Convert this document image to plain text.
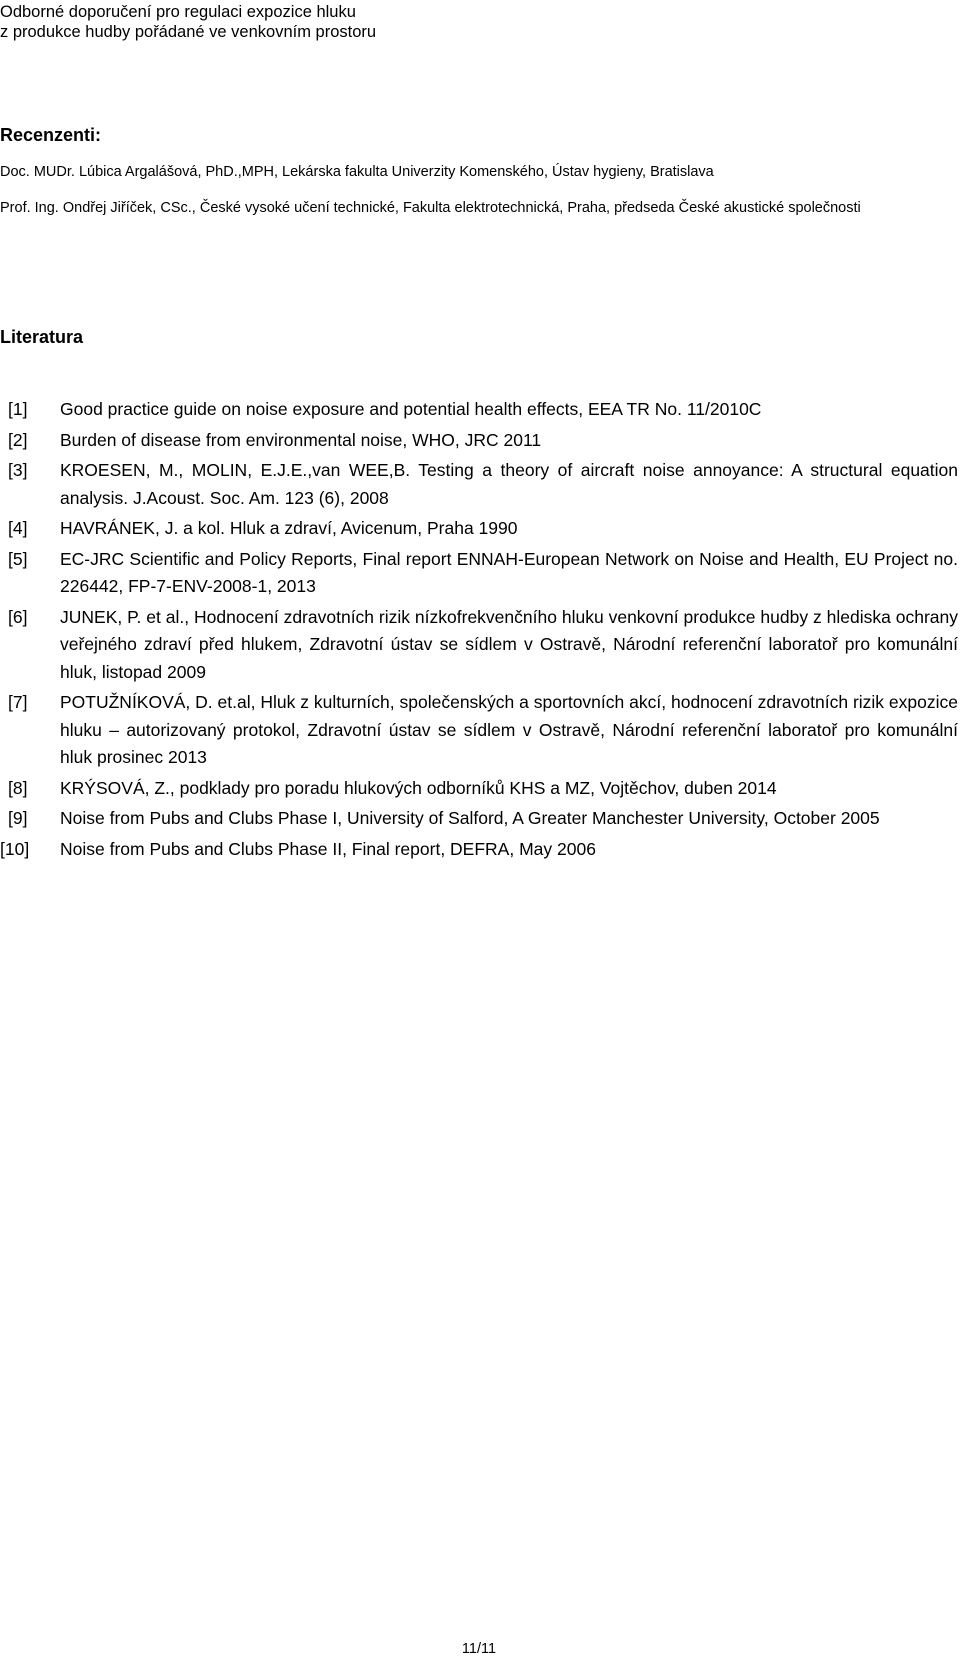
Odborné doporučení pro regulaci expozice hluku
z produkce hudby pořádané ve venkovním prostoru
Recenzenti:
Doc. MUDr. Lúbica Argalášová, PhD.,MPH, Lekárska fakulta Univerzity Komenského, Ústav hygieny, Bratislava
Prof. Ing. Ondřej Jiříček, CSc., České vysoké učení technické, Fakulta elektrotechnická, Praha, předseda České akustické společnosti
Literatura
[1]	Good practice guide on noise exposure and potential health effects, EEA TR No. 11/2010C
[2]	Burden of disease from environmental noise, WHO, JRC 2011
[3]	KROESEN, M., MOLIN, E.J.E.,van WEE,B. Testing a theory of aircraft noise annoyance: A structural equation analysis. J.Acoust. Soc. Am. 123 (6), 2008
[4]	HAVRÁNEK, J. a kol. Hluk a zdraví, Avicenum, Praha 1990
[5]	EC-JRC Scientific and Policy Reports, Final report ENNAH-European Network on Noise and Health, EU Project no. 226442, FP-7-ENV-2008-1, 2013
[6]	JUNEK, P. et al., Hodnocení zdravotních rizik nízkofrekvenčního hluku venkovní produkce hudby z hlediska ochrany veřejného zdraví před hlukem, Zdravotní ústav se sídlem v Ostravě, Národní referenční laboratoř pro komunální hluk, listopad 2009
[7]	POTUŽNÍKOVÁ, D. et.al, Hluk z kulturních, společenských a sportovních akcí, hodnocení zdravotních rizik expozice hluku – autorizovaný protokol, Zdravotní ústav se sídlem v Ostravě, Národní referenční laboratoř pro komunální hluk prosinec 2013
[8]	KRÝSOVÁ, Z., podklady pro poradu hlukových odborníků KHS a MZ, Vojtěchov, duben 2014
[9]	Noise from Pubs and Clubs Phase I, University of Salford, A Greater Manchester University, October 2005
[10]	Noise from Pubs and Clubs Phase II, Final report, DEFRA, May 2006
11/11
